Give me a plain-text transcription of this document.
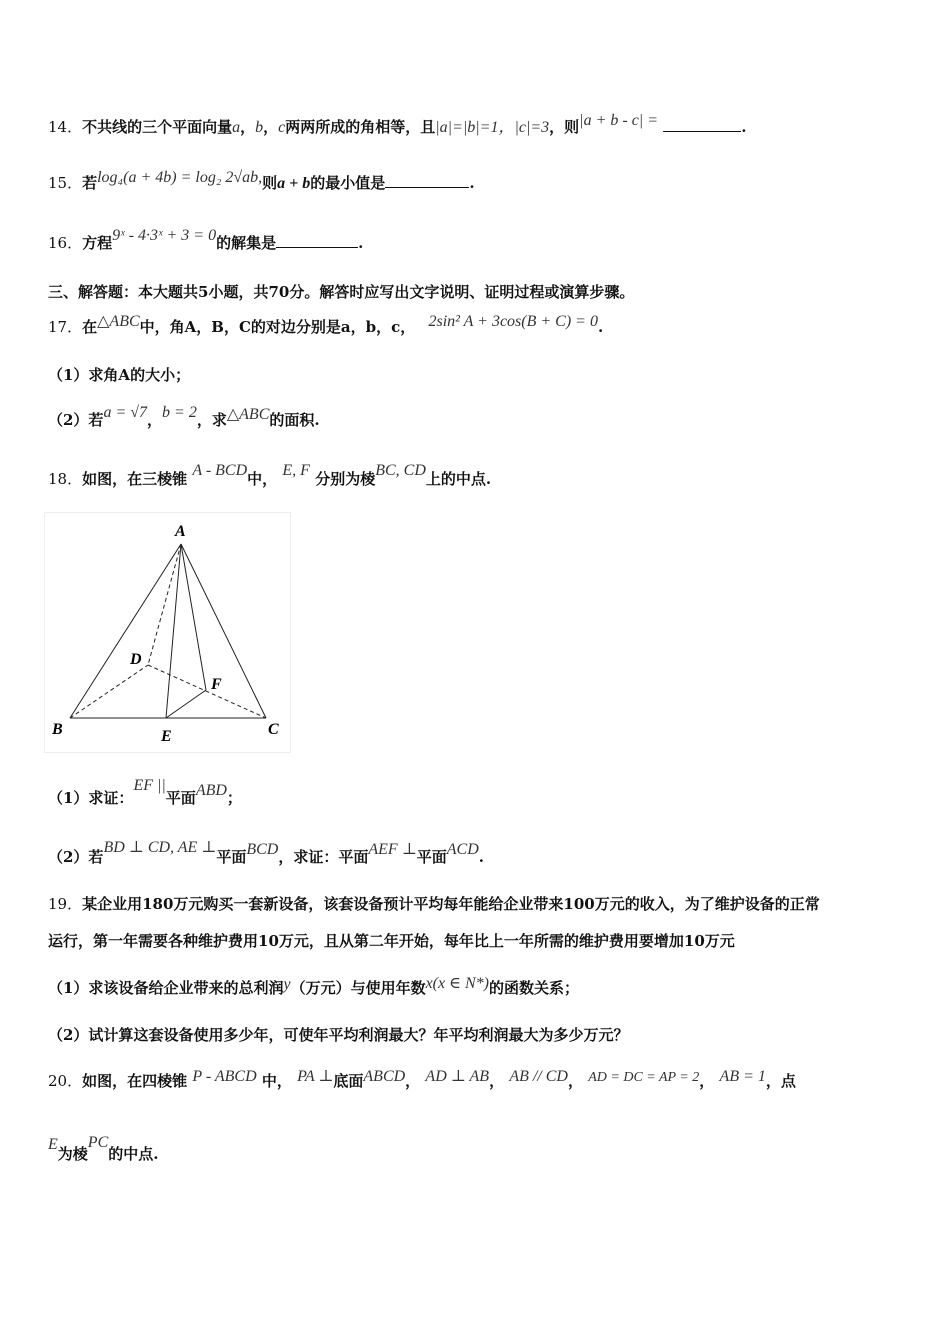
14．不共线的三个平面向量a，b，c两两所成的角相等，且|a|=|b|=1，|c|=3，则|a + b - c| =	.
15．若log₄(a + 4b) = log₂ 2√ab,则a + b的最小值是	.
16．方程9ˣ - 4·3ˣ + 3 = 0的解集是	.
三、解答题：本大题共5小题，共70分。解答时应写出文字说明、证明过程或演算步骤。
17．在△ABC中，角A，B，C的对边分别是a，b，c， 2sin² A + 3cos(B + C) = 0.
（1）求角A的大小；
（2）若a = √7，b = 2，求△ABC的面积.
18．如图，在三棱锥 A - BCD中， E, F 分别为棱BC, CD上的中点.
A
B	C
D
E
F
（1）求证：EF ||平面ABD；
（2）若BD ⊥ CD, AE ⊥平面BCD，求证：平面AEF ⊥平面ACD.
19．某企业用180万元购买一套新设备，该套设备预计平均每年能给企业带来100万元的收入，为了维护设备的正常
运行，第一年需要各种维护费用10万元，且从第二年开始，每年比上一年所需的维护费用要增加10万元
（1）求该设备给企业带来的总利润y（万元）与使用年数x(x ∈ N*)的函数关系；
（2）试计算这套设备使用多少年，可使年平均利润最大？年平均利润最大为多少万元？
20．如图，在四棱锥 P - ABCD 中， PA ⊥底面ABCD， AD ⊥ AB， AB // CD， AD = DC = AP = 2， AB = 1，点
E为棱PC的中点.
